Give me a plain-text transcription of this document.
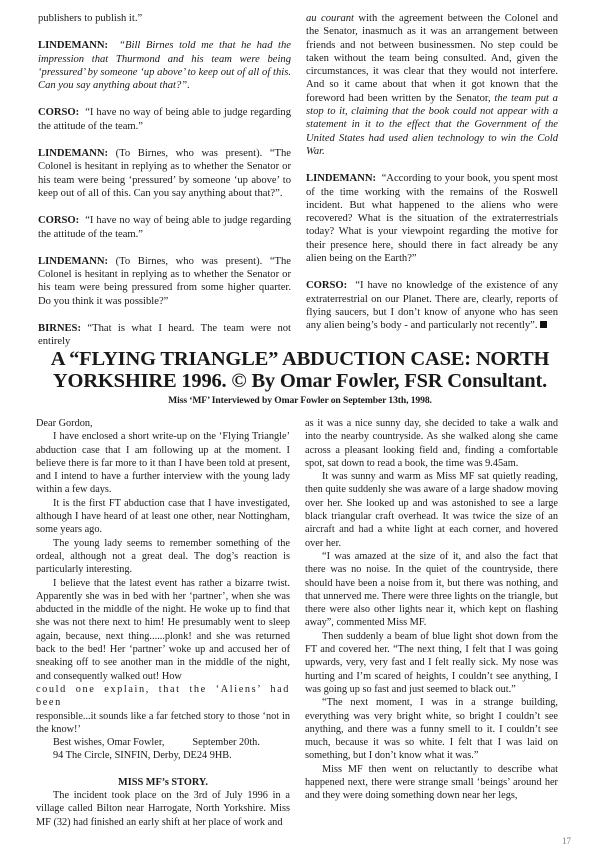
publishers to publish it.”

LINDEMANN: “Bill Birnes told me that he had the impression that Thurmond and his team were being ‘pressured’ by someone ‘up above’ to keep out of all of this. Can you say anything about that?”.

CORSO: “I have no way of being able to judge regarding the attitude of the team.”

LINDEMANN: (To Birnes, who was present). “The Colonel is hesitant in replying as to whether the Senator or his team were being ‘pressured’ by someone ‘up above’ to keep out of all of this. Can you say anything about that?”.

CORSO: “I have no way of being able to judge regarding the attitude of the team.”

LINDEMANN: (To Birnes, who was present). “The Colonel is hesitant in replying as to whether the Senator or his team were being pressured from some higher quarter. Do you think it was possible?”

BIRNES: “That is what I heard. The team were not entirely

au courant with the agreement between the Colonel and the Senator, inasmuch as it was an arrangement between friends and not between businessmen. No step could be taken without the team being consulted. And, given the circumstances, it was clear that they would not interfere. And so it came about that when it got known that the foreword had been written by the Senator, the team put a stop to it, claiming that the book could not appear with a statement in it to the effect that the Government of the United States had used alien technology to win the Cold War.

LINDEMANN: “According to your book, you spent most of the time working with the remains of the Roswell incident. But what happened to the aliens who were recovered? What is the situation of the extraterrestrials today? What is your viewpoint regarding the motive for their presence here, should there in fact already be any alien being on the Earth?”

CORSO: “I have no knowledge of the existence of any extraterrestrial on our Planet. There are, clearly, reports of flying saucers, but I don’t know of anyone who has seen any alien being’s body - and particularly not recently”.

A “FLYING TRIANGLE” ABDUCTION CASE: NORTH YORKSHIRE 1996. © By Omar Fowler, FSR Consultant.
Miss ‘MF’ Interviewed by Omar Fowler on September 13th, 1998.

Dear Gordon,

I have enclosed a short write-up on the ‘Flying Triangle’ abduction case that I am following up at the moment. I believe there is far more to it than I have been told at present, and I intend to have a further interview with the young lady within a few days.

It is the first FT abduction case that I have investigated, although I have heard of at least one other, near Nottingham, some years ago.

The young lady seems to remember something of the ordeal, although not a great deal. The dog’s reaction is particularly interesting.

I believe that the latest event has rather a bizarre twist. Apparently she was in bed with her ‘partner’, when she was abducted in the middle of the night. He woke up to find that she was not there next to him! He presumably went to sleep again, because, next thing......plonk! and she was returned back to the bed! Her ‘partner’ woke up and accused her of sneaking off to see another man in the middle of the night, and consequently walked out! How

could one explain, that the ‘Aliens’ had been

responsible...it sounds like a far fetched story to those ‘not in the know!’

Best wishes, Omar Fowler,	September 20th.

94 The Circle, SINFIN, Derby, DE24 9HB.

MISS MF’s STORY.

The incident took place on the 3rd of July 1996 in a village called Bilton near Harrogate, North Yorkshire. Miss MF (32) had finished an early shift at her place of work and

as it was a nice sunny day, she decided to take a walk and into the nearby countryside. As she walked along she came across a pleasant looking field and, finding a comfortable spot, sat down to read a book, the time was 9.45am.

It was sunny and warm as Miss MF sat quietly reading, then quite suddenly she was aware of a large shadow moving over her. She looked up and was astonished to see a large black triangular craft overhead. It was twice the size of an aircraft and had a white light at each corner, and hovered over her.

“I was amazed at the size of it, and also the fact that there was no noise. In the quiet of the countryside, there should have been a noise from it, but there was nothing, and that unnerved me. There were three lights on the triangle, but there were also other lights near it, which kept on flashing away”, commented Miss MF.

Then suddenly a beam of blue light shot down from the FT and covered her. “The next thing, I felt that I was going upwards, very, very fast and I felt really sick. My nose was hurting and I’m scared of heights, I couldn’t see anything, I was going up so fast and just seemed to black out.”

“The next moment, I was in a strange building, everything was very bright white, so bright I couldn’t see anything, and there was a funny smell to it. I couldn’t see much, because it was so white. I felt that I was laid on something, but I don’t know what it was.”

Miss MF then went on reluctantly to describe what happened next, there were strange small ‘beings’ around her and they were doing something down near her legs,

17
